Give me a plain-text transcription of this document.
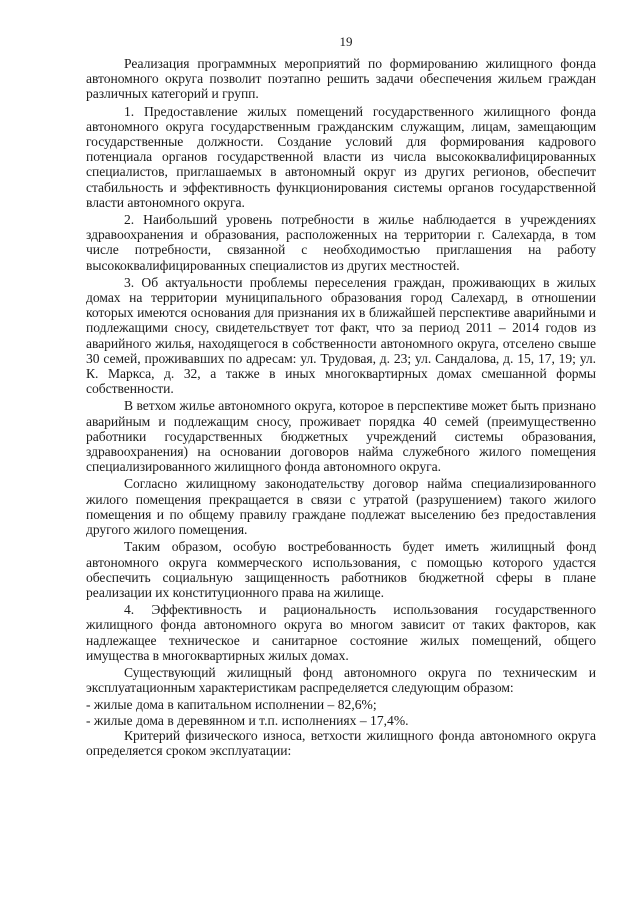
19

Реализация программных мероприятий по формированию жилищного фонда автономного округа позволит поэтапно решить задачи обеспечения жильем граждан различных категорий и групп.

1. Предоставление жилых помещений государственного жилищного фонда автономного округа государственным гражданским служащим, лицам, замещающим государственные должности. Создание условий для формирования кадрового потенциала органов государственной власти из числа высококвалифицированных специалистов, приглашаемых в автономный округ из других регионов, обеспечит стабильность и эффективность функционирования системы органов государственной власти автономного округа.

2. Наибольший уровень потребности в жилье наблюдается в учреждениях здравоохранения и образования, расположенных на территории г. Салехарда, в том числе потребности, связанной с необходимостью приглашения на работу высококвалифицированных специалистов из других местностей.

3. Об актуальности проблемы переселения граждан, проживающих в жилых домах на территории муниципального образования город Салехард, в отношении которых имеются основания для признания их в ближайшей перспективе аварийными и подлежащими сносу, свидетельствует тот факт, что за период 2011 – 2014 годов из аварийного жилья, находящегося в собственности автономного округа, отселено свыше 30 семей, проживавших по адресам: ул. Трудовая, д. 23; ул. Сандалова, д. 15, 17, 19; ул. К. Маркса, д. 32, а также в иных многоквартирных домах смешанной формы собственности.

В ветхом жилье автономного округа, которое в перспективе может быть признано аварийным и подлежащим сносу, проживает порядка 40 семей (преимущественно работники государственных бюджетных учреждений системы образования, здравоохранения) на основании договоров найма служебного жилого помещения специализированного жилищного фонда автономного округа.

Согласно жилищному законодательству договор найма специализированного жилого помещения прекращается в связи с утратой (разрушением) такого жилого помещения и по общему правилу граждане подлежат выселению без предоставления другого жилого помещения.

Таким образом, особую востребованность будет иметь жилищный фонд автономного округа коммерческого использования, с помощью которого удастся обеспечить социальную защищенность работников бюджетной сферы в плане реализации их конституционного права на жилище.

4. Эффективность и рациональность использования государственного жилищного фонда автономного округа во многом зависит от таких факторов, как надлежащее техническое и санитарное состояние жилых помещений, общего имущества в многоквартирных жилых домах.

Существующий жилищный фонд автономного округа по техническим и эксплуатационным характеристикам распределяется следующим образом:

- жилые дома в капитальном исполнении – 82,6%;

- жилые дома в деревянном и т.п. исполнениях – 17,4%.

Критерий физического износа, ветхости жилищного фонда автономного округа определяется сроком эксплуатации:
